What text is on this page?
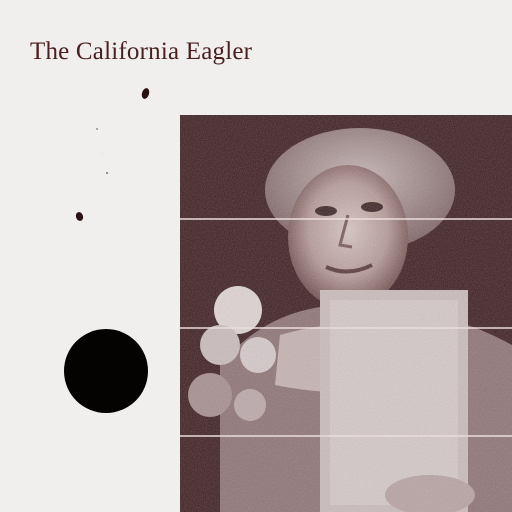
The California Eagler
